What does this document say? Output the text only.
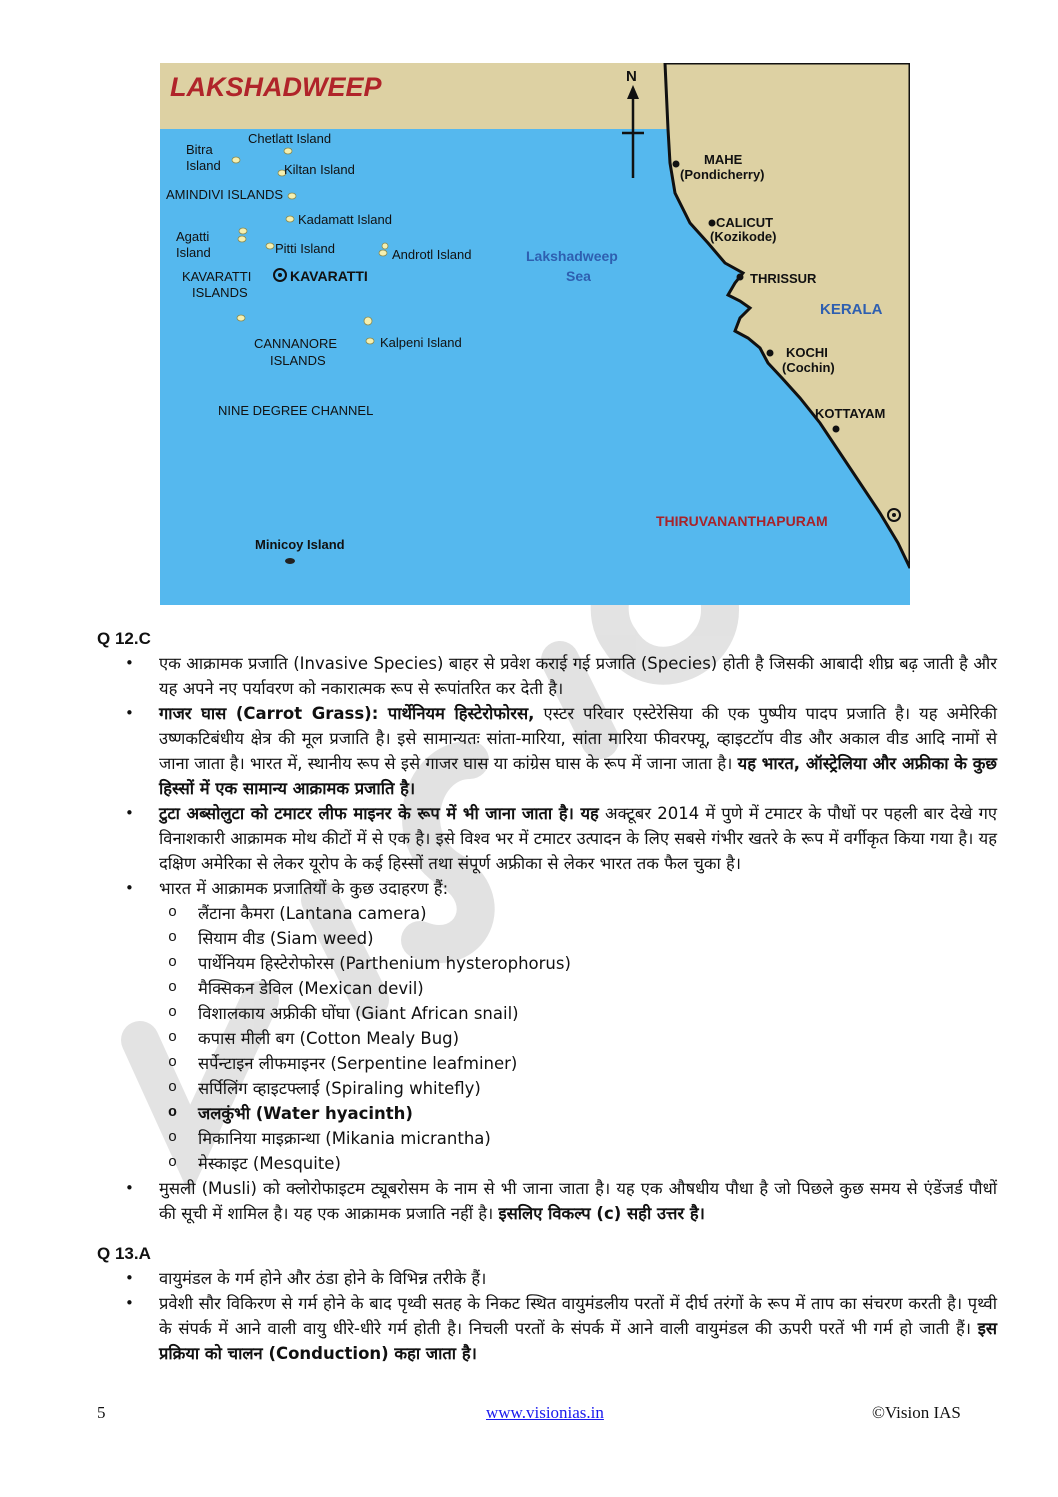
N
LAKSHADWEEP
Chetlatt Island
Bitra
Island	Kiltan Island
AMINDIVI ISLANDS
Kadamatt Island
Agatti
Island	Pitti Island	Androtl Island
KAVARATTI
ISLANDS
CANNANORE
ISLANDS
Kalpeni Island
NINE DEGREE CHANNEL
Minicoy Island
KAVARATTI
Lakshadweep
Sea
MAHE
(Pondicherry)
CALICUT
(Kozikode)
THRISSUR
KOCHI
(Cochin)
KOTTAYAM
KERALA
THIRUVANANTHAPURAM

Q 12.C

• एक आक्रामक प्रजाति (Invasive Species) बाहर से प्रवेश कराई गई प्रजाति (Species) होती है जिसकी आबादी शीघ्र बढ़ जाती है और यह अपने नए पर्यावरण को नकारात्मक रूप से रूपांतरित कर देती है।
• गाजर घास (Carrot Grass): पार्थेनियम हिस्टेरोफोरस, एस्टर परिवार एस्टेरेसिया की एक पुष्पीय पादप प्रजाति है। यह अमेरिकी उष्णकटिबंधीय क्षेत्र की मूल प्रजाति है। इसे सामान्यतः सांता-मारिया, सांता मारिया फीवरफ्यू, व्हाइटटॉप वीड और अकाल वीड आदि नामों से जाना जाता है। भारत में, स्थानीय रूप से इसे गाजर घास या कांग्रेस घास के रूप में जाना जाता है। यह भारत, ऑस्ट्रेलिया और अफ्रीका के कुछ हिस्सों में एक सामान्य आक्रामक प्रजाति है।
• टुटा अब्सोलुटा को टमाटर लीफ माइनर के रूप में भी जाना जाता है। यह अक्टूबर 2014 में पुणे में टमाटर के पौधों पर पहली बार देखे गए विनाशकारी आक्रामक मोथ कीटों में से एक है। इसे विश्व भर में टमाटर उत्पादन के लिए सबसे गंभीर खतरे के रूप में वर्गीकृत किया गया है। यह दक्षिण अमेरिका से लेकर यूरोप के कई हिस्सों तथा संपूर्ण अफ्रीका से लेकर भारत तक फैल चुका है।
• भारत में आक्रामक प्रजातियों के कुछ उदाहरण हैं:
o लैंटाना कैमरा (Lantana camera)
o सियाम वीड (Siam weed)
o पार्थेनियम हिस्टेरोफोरस (Parthenium hysterophorus)
o मैक्सिकन डेविल (Mexican devil)
o विशालकाय अफ्रीकी घोंघा (Giant African snail)
o कपास मीली बग (Cotton Mealy Bug)
o सर्पेन्टाइन लीफमाइनर (Serpentine leafminer)
o सर्पिलिंग व्हाइटफ्लाई (Spiraling whitefly)
o जलकुंभी (Water hyacinth)
o मिकानिया माइक्रान्था (Mikania micrantha)
o मेस्काइट (Mesquite)
• मुसली (Musli) को क्लोरोफाइटम ट्यूबरोसम के नाम से भी जाना जाता है। यह एक औषधीय पौधा है जो पिछले कुछ समय से एंडेंजर्ड पौधों की सूची में शामिल है। यह एक आक्रामक प्रजाति नहीं है। इसलिए विकल्प (c) सही उत्तर है।

Q 13.A

• वायुमंडल के गर्म होने और ठंडा होने के विभिन्न तरीके हैं।
• प्रवेशी सौर विकिरण से गर्म होने के बाद पृथ्वी सतह के निकट स्थित वायुमंडलीय परतों में दीर्घ तरंगों के रूप में ताप का संचरण करती है। पृथ्वी के संपर्क में आने वाली वायु धीरे-धीरे गर्म होती है। निचली परतों के संपर्क में आने वाली वायुमंडल की ऊपरी परतें भी गर्म हो जाती हैं। इस प्रक्रिया को चालन (Conduction) कहा जाता है।
5	www.visionias.in	©Vision IAS
